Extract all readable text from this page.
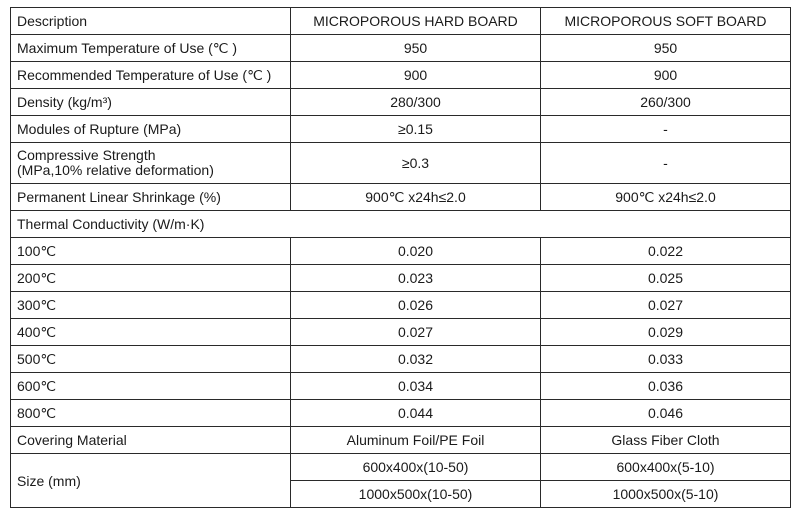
Description	MICROPOROUS HARD BOARD	MICROPOROUS SOFT BOARD
Maximum Temperature of Use (℃ )	950	950
Recommended Temperature of Use (℃ )	900	900
Density (kg/m³)	280/300	260/300
Modules of Rupture (MPa)	≥0.15	-

Compressive Strength
(MPa,10% relative deformation)	≥0.3	-
Permanent Linear Shrinkage (%)	900℃ x24h≤2.0	900℃ x24h≤2.0
Thermal Conductivity (W/m·K)		
100℃	0.020	0.022
200℃	0.023	0.025
300℃	0.026	0.027
400℃	0.027	0.029
500℃	0.032	0.033
600℃	0.034	0.036
800℃	0.044	0.046
Covering Material	Aluminum Foil/PE Foil	Glass Fiber Cloth
Size (mm)	600x400x(10-50)	600x400x(5-10)
	1000x500x(10-50)	1000x500x(5-10)
